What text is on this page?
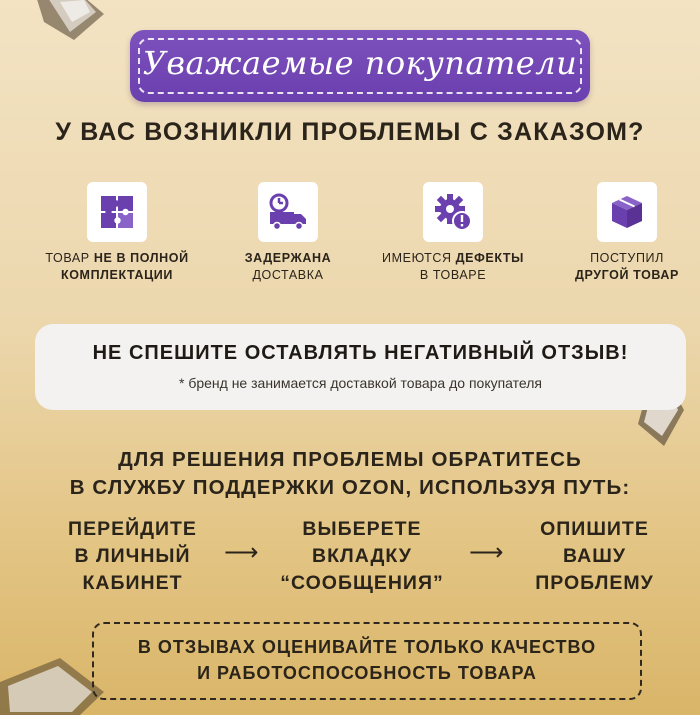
Уважаемые покупатели
У ВАС ВОЗНИКЛИ ПРОБЛЕМЫ С ЗАКАЗОМ?
ТОВАР НЕ В ПОЛНОЙ
КОМПЛЕКТАЦИИ
ЗАДЕРЖАНА
ДОСТАВКА
ИМЕЮТСЯ ДЕФЕКТЫ
В ТОВАРЕ
ПОСТУПИЛ
ДРУГОЙ ТОВАР
НЕ СПЕШИТЕ ОСТАВЛЯТЬ НЕГАТИВНЫЙ ОТЗЫВ!
* бренд не занимается доставкой товара до покупателя
ДЛЯ РЕШЕНИЯ ПРОБЛЕМЫ ОБРАТИТЕСЬ
В СЛУЖБУ ПОДДЕРЖКИ OZON, ИСПОЛЬЗУЯ ПУТЬ:
ПЕРЕЙДИТЕ
В ЛИЧНЫЙ
КАБИНЕТ
⟶
ВЫБЕРЕТЕ
ВКЛАДКУ
“СООБЩЕНИЯ”
⟶
ОПИШИТЕ
ВАШУ
ПРОБЛЕМУ
В ОТЗЫВАХ ОЦЕНИВАЙТЕ ТОЛЬКО КАЧЕСТВО
И РАБОТОСПОСОБНОСТЬ ТОВАРА
